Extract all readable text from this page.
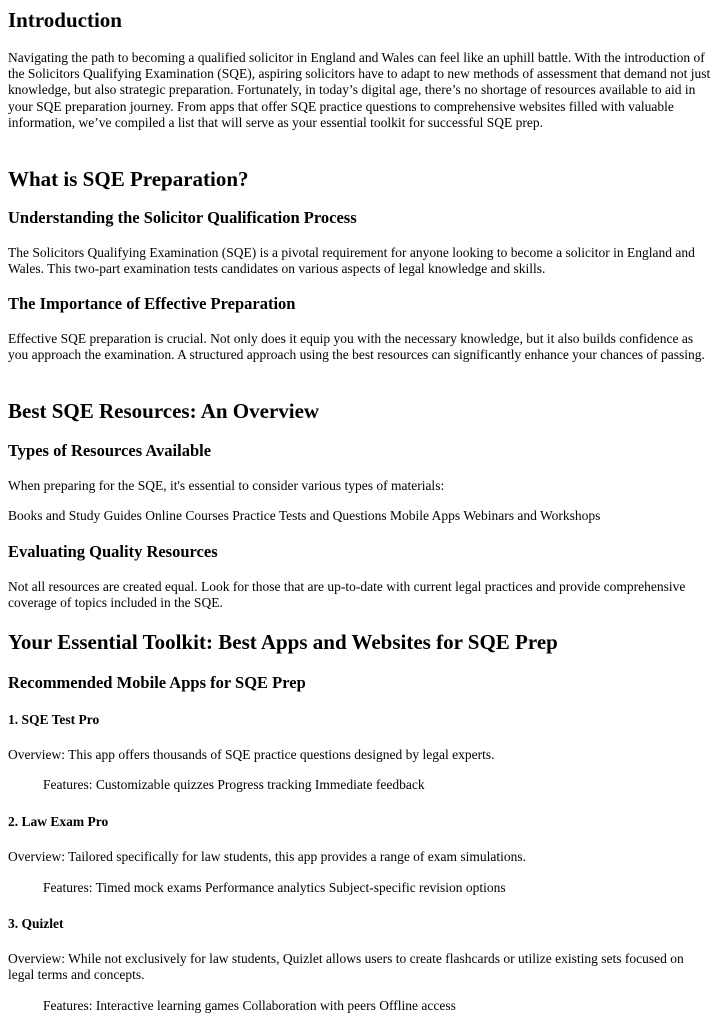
Introduction

Navigating the path to becoming a qualified solicitor in England and Wales can feel like an uphill battle. With the introduction of the Solicitors Qualifying Examination (SQE), aspiring solicitors have to adapt to new methods of assessment that demand not just knowledge, but also strategic preparation. Fortunately, in today’s digital age, there’s no shortage of resources available to aid in your SQE preparation journey. From apps that offer SQE practice questions to comprehensive websites filled with valuable information, we’ve compiled a list that will serve as your essential toolkit for successful SQE prep.

What is SQE Preparation?
Understanding the Solicitor Qualification Process

The Solicitors Qualifying Examination (SQE) is a pivotal requirement for anyone looking to become a solicitor in England and Wales. This two-part examination tests candidates on various aspects of legal knowledge and skills.

The Importance of Effective Preparation

Effective SQE preparation is crucial. Not only does it equip you with the necessary knowledge, but it also builds confidence as you approach the examination. A structured approach using the best resources can significantly enhance your chances of passing.

Best SQE Resources: An Overview
Types of Resources Available

When preparing for the SQE, it's essential to consider various types of materials:

Books and Study Guides Online Courses Practice Tests and Questions Mobile Apps Webinars and Workshops

Evaluating Quality Resources

Not all resources are created equal. Look for those that are up-to-date with current legal practices and provide comprehensive coverage of topics included in the SQE.

Your Essential Toolkit: Best Apps and Websites for SQE Prep
Recommended Mobile Apps for SQE Prep
1. SQE Test Pro

Overview: This app offers thousands of SQE practice questions designed by legal experts.

Features: Customizable quizzes Progress tracking Immediate feedback

2. Law Exam Pro

Overview: Tailored specifically for law students, this app provides a range of exam simulations.

Features: Timed mock exams Performance analytics Subject-specific revision options

3. Quizlet

Overview: While not exclusively for law students, Quizlet allows users to create flashcards or utilize existing sets focused on legal terms and concepts.

Features: Interactive learning games Collaboration with peers Offline access
